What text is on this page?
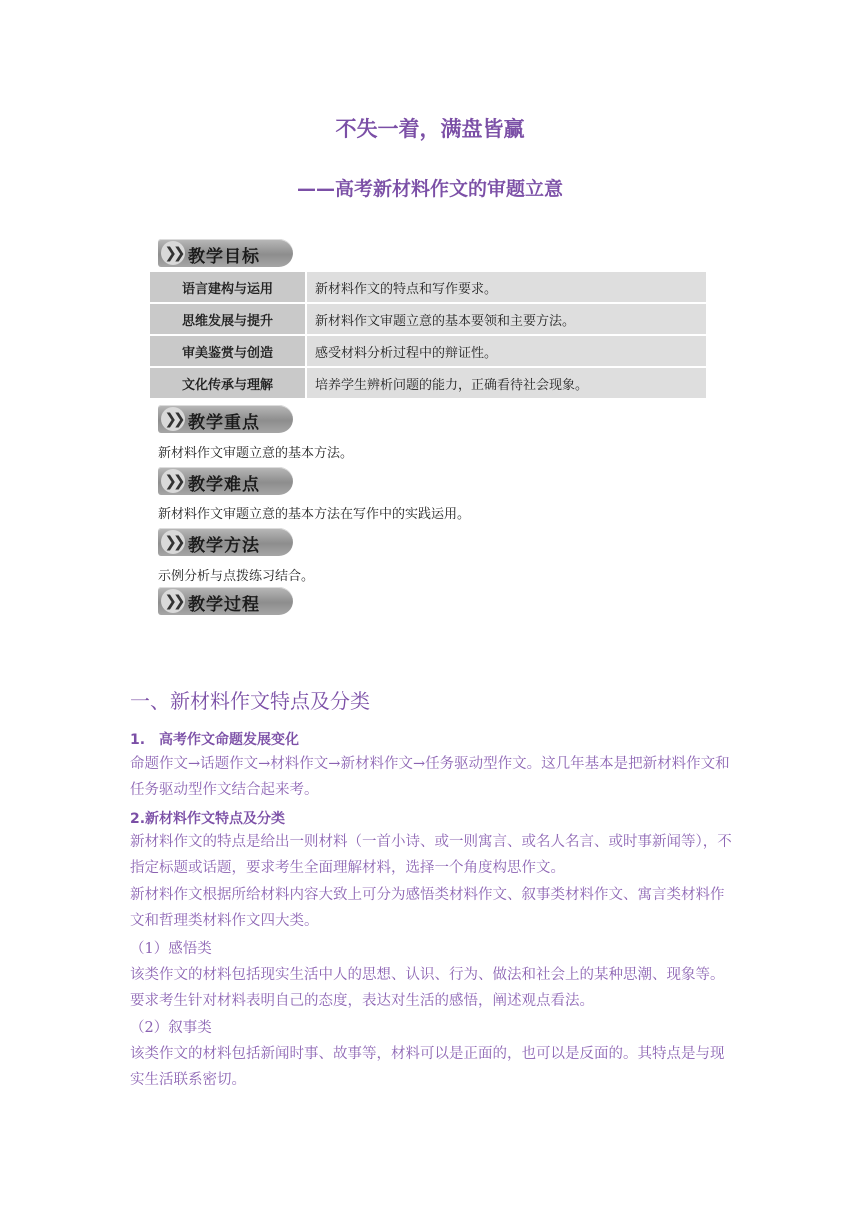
不失一着，满盘皆赢
——高考新材料作文的审题立意
❯❯ 教学目标
语言建构与运用	新材料作文的特点和写作要求。
思维发展与提升	新材料作文审题立意的基本要领和主要方法。
审美鉴赏与创造	感受材料分析过程中的辩证性。
文化传承与理解	培养学生辨析问题的能力，正确看待社会现象。
❯❯ 教学重点
新材料作文审题立意的基本方法。
❯❯ 教学难点
新材料作文审题立意的基本方法在写作中的实践运用。
❯❯ 教学方法
示例分析与点拨练习结合。
❯❯ 教学过程
一、新材料作文特点及分类
1.　高考作文命题发展变化
命题作文→话题作文→材料作文→新材料作文→任务驱动型作文。这几年基本是把新材料作文和任务驱动型作文结合起来考。
2.新材料作文特点及分类
新材料作文的特点是给出一则材料（一首小诗、或一则寓言、或名人名言、或时事新闻等），不指定标题或话题，要求考生全面理解材料，选择一个角度构思作文。
新材料作文根据所给材料内容大致上可分为感悟类材料作文、叙事类材料作文、寓言类材料作文和哲理类材料作文四大类。
（1）感悟类
该类作文的材料包括现实生活中人的思想、认识、行为、做法和社会上的某种思潮、现象等。要求考生针对材料表明自己的态度，表达对生活的感悟，阐述观点看法。
（2）叙事类
该类作文的材料包括新闻时事、故事等，材料可以是正面的，也可以是反面的。其特点是与现实生活联系密切。
